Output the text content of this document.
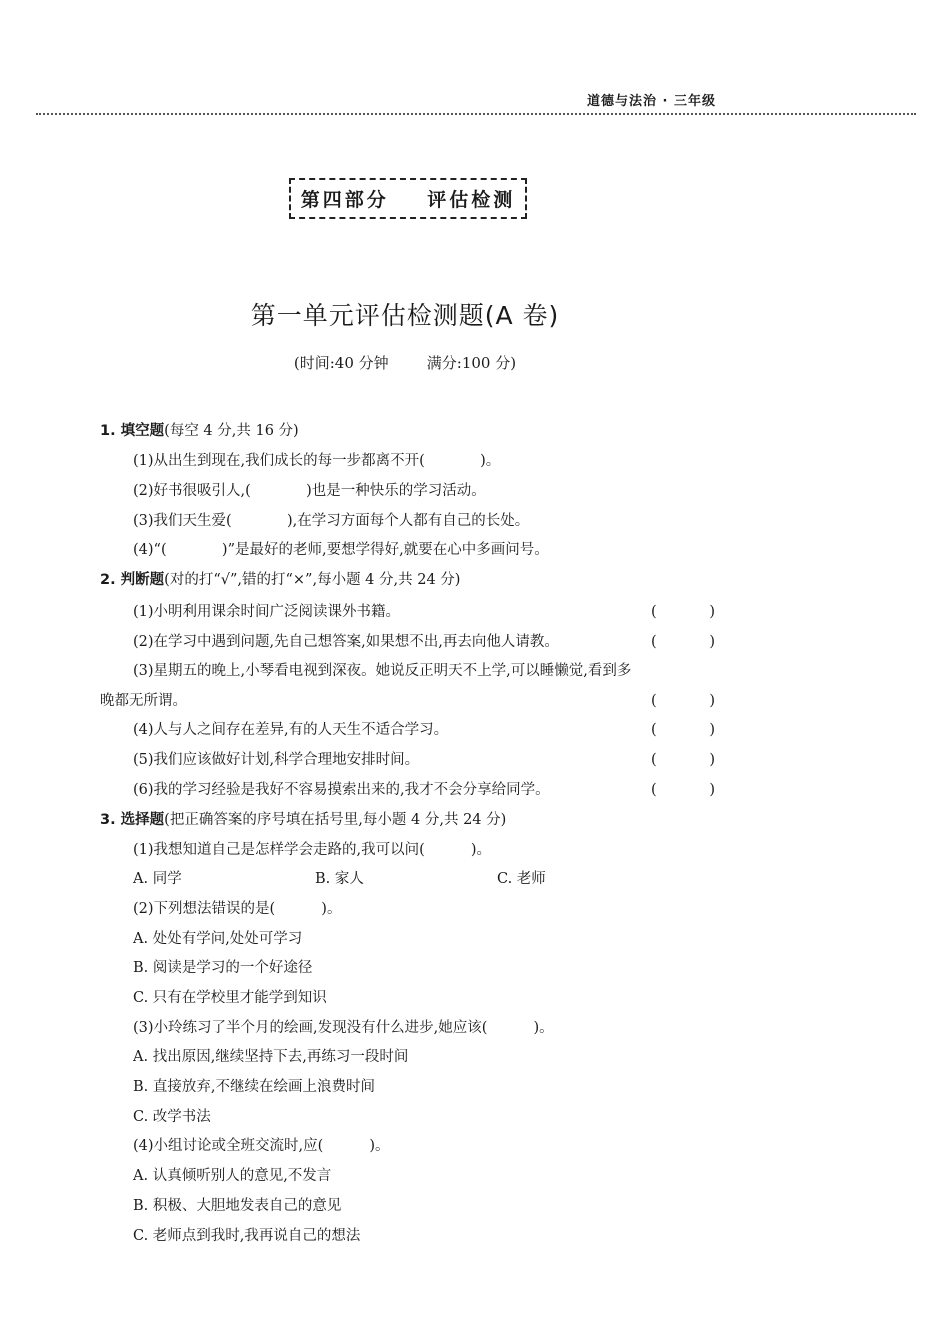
道德与法治 · 三年级
第四部分    评估检测
第一单元评估检测题(A 卷)
(时间:40 分钟        满分:100 分)
1. 填空题(每空 4 分,共 16 分)
(1)从出生到现在,我们成长的每一步都离不开(            )。
(2)好书很吸引人,(            )也是一种快乐的学习活动。
(3)我们天生爱(            ),在学习方面每个人都有自己的长处。
(4)“(            )”是最好的老师,要想学得好,就要在心中多画问号。
2. 判断题(对的打“√”,错的打“×”,每小题 4 分,共 24 分)
(1)小明利用课余时间广泛阅读课外书籍。	(	)
(2)在学习中遇到问题,先自己想答案,如果想不出,再去向他人请教。	(	)
(3)星期五的晚上,小琴看电视到深夜。她说反正明天不上学,可以睡懒觉,看到多
晚都无所谓。	(	)
(4)人与人之间存在差异,有的人天生不适合学习。	(	)
(5)我们应该做好计划,科学合理地安排时间。	(	)
(6)我的学习经验是我好不容易摸索出来的,我才不会分享给同学。	(	)
3. 选择题(把正确答案的序号填在括号里,每小题 4 分,共 24 分)
(1)我想知道自己是怎样学会走路的,我可以问(          )。
A. 同学	B. 家人	C. 老师
(2)下列想法错误的是(          )。
A. 处处有学问,处处可学习
B. 阅读是学习的一个好途径
C. 只有在学校里才能学到知识
(3)小玲练习了半个月的绘画,发现没有什么进步,她应该(          )。
A. 找出原因,继续坚持下去,再练习一段时间
B. 直接放弃,不继续在绘画上浪费时间
C. 改学书法
(4)小组讨论或全班交流时,应(          )。
A. 认真倾听别人的意见,不发言
B. 积极、大胆地发表自己的意见
C. 老师点到我时,我再说自己的想法
